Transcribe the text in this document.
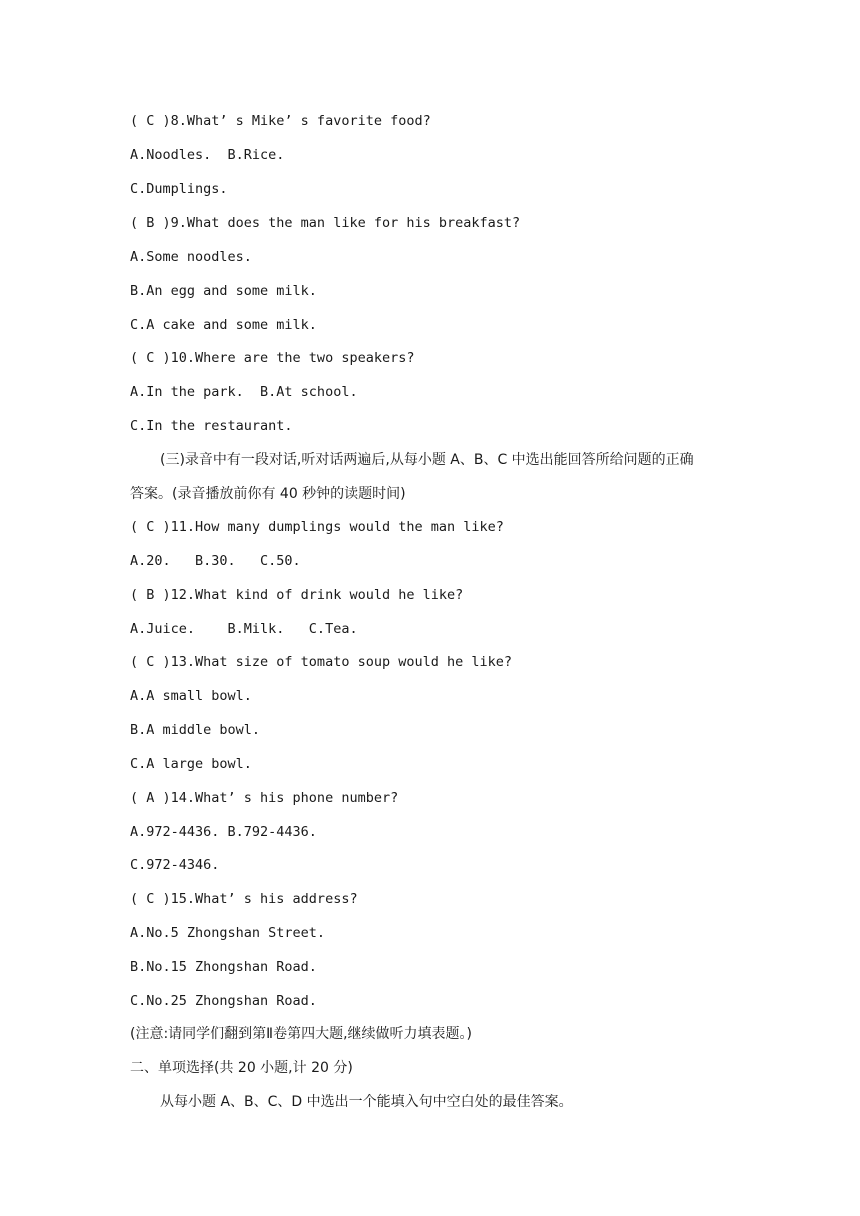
( C )8.What’ s Mike’ s favorite food?
A.Noodles.  B.Rice.
C.Dumplings.
( B )9.What does the man like for his breakfast?
A.Some noodles.
B.An egg and some milk.
C.A cake and some milk.
( C )10.Where are the two speakers?
A.In the park.  B.At school.
C.In the restaurant.
(三)录音中有一段对话,听对话两遍后,从每小题 A、B、C 中选出能回答所给问题的正确
答案。(录音播放前你有 40 秒钟的读题时间)
( C )11.How many dumplings would the man like?
A.20.   B.30.   C.50.
( B )12.What kind of drink would he like?
A.Juice.    B.Milk.   C.Tea.
( C )13.What size of tomato soup would he like?
A.A small bowl.
B.A middle bowl.
C.A large bowl.
( A )14.What’ s his phone number?
A.972-4436. B.792-4436.
C.972-4346.
( C )15.What’ s his address?
A.No.5 Zhongshan Street.
B.No.15 Zhongshan Road.
C.No.25 Zhongshan Road.
(注意:请同学们翻到第Ⅱ卷第四大题,继续做听力填表题。)
二、单项选择(共 20 小题,计 20 分)
从每小题 A、B、C、D 中选出一个能填入句中空白处的最佳答案。
